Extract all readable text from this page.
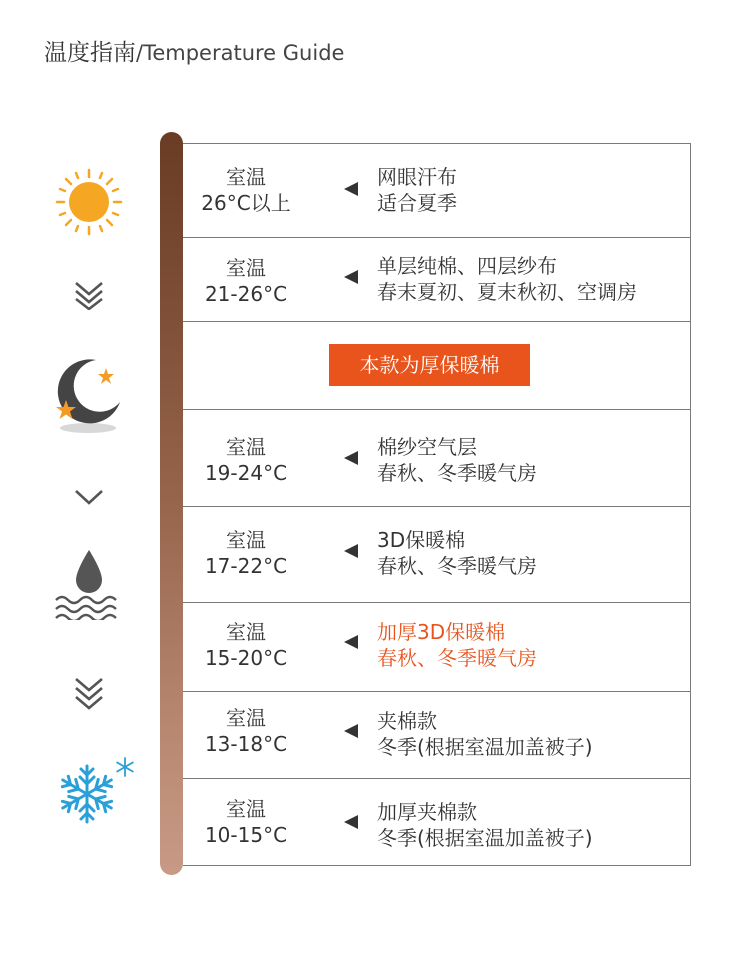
温度指南/Temperature Guide
室温
26°C以上
网眼汗布
适合夏季
室温
21-26°C
单层纯棉、四层纱布
春末夏初、夏末秋初、空调房
本款为厚保暖棉
室温
19-24°C
棉纱空气层
春秋、冬季暖气房
室温
17-22°C
3D保暖棉
春秋、冬季暖气房
室温
15-20°C
加厚3D保暖棉
春秋、冬季暖气房
室温
13-18°C
夹棉款
冬季(根据室温加盖被子)
室温
10-15°C
加厚夹棉款
冬季(根据室温加盖被子)
